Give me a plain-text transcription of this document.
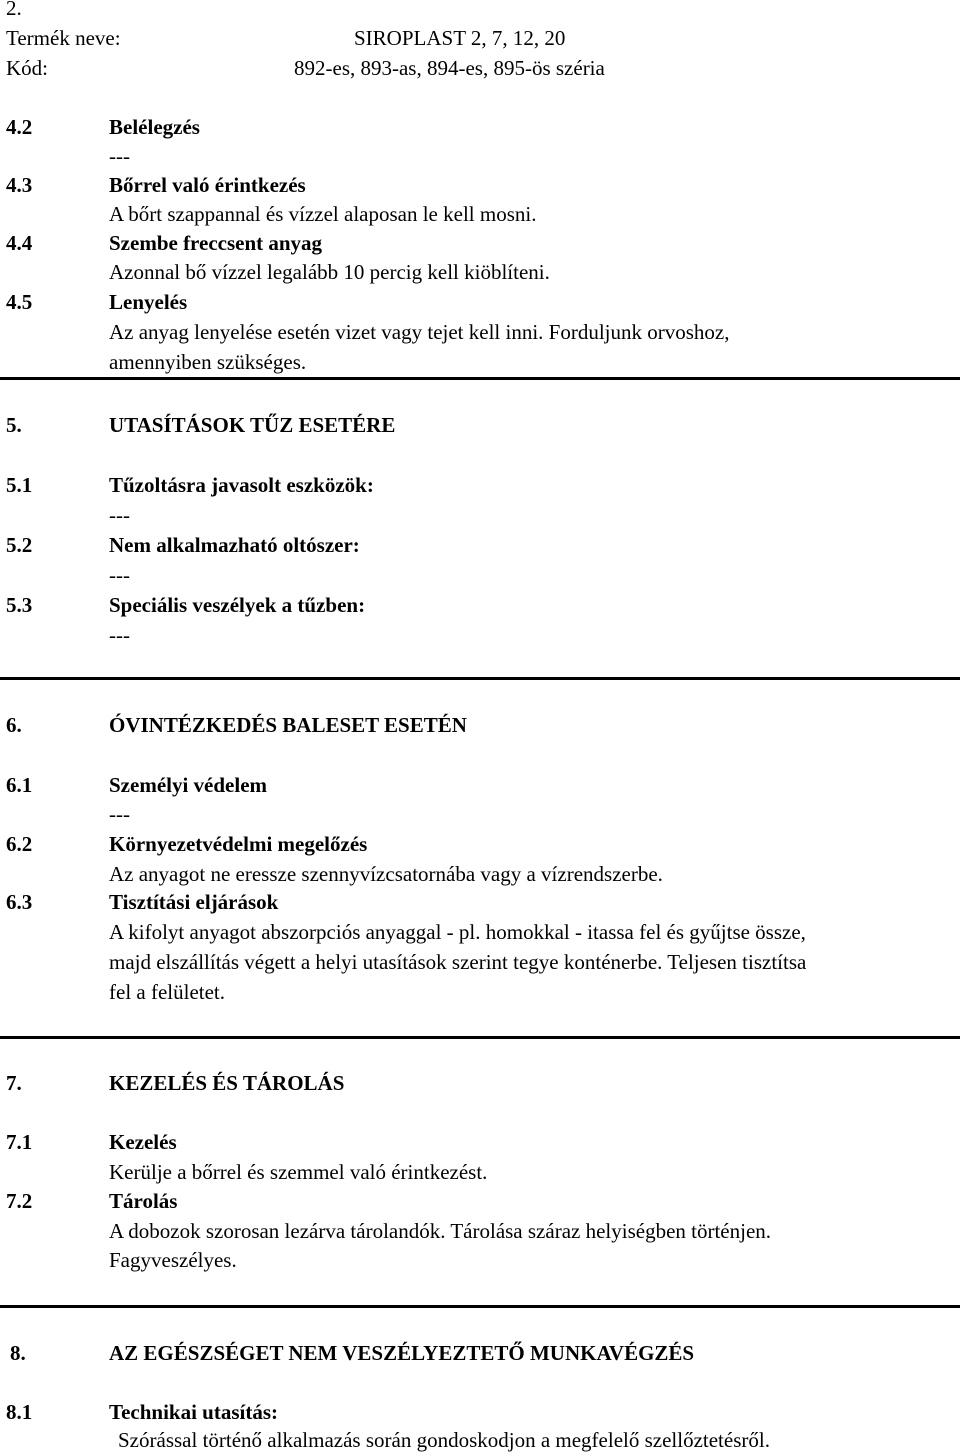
2.
Termék neve:	SIROPLAST 2, 7, 12, 20
Kód:	892-es, 893-as, 894-es, 895-ös széria
4.2	Belélegzés
---
4.3	Bőrrel való érintkezés
A bőrt szappannal és vízzel alaposan le kell mosni.
4.4	Szembe freccsent anyag
Azonnal bő vízzel legalább 10 percig kell kiöblíteni.
4.5	Lenyelés
Az anyag lenyelése esetén vizet vagy tejet kell inni. Forduljunk orvoshoz,
amennyiben szükséges.
5.	UTASÍTÁSOK TŰZ ESETÉRE
5.1	Tűzoltásra javasolt eszközök:
---
5.2	Nem alkalmazható oltószer:
---
5.3	Speciális veszélyek a tűzben:
---
6.	ÓVINTÉZKEDÉS BALESET ESETÉN
6.1	Személyi védelem
---
6.2	Környezetvédelmi megelőzés
Az anyagot ne eressze szennyvízcsatornába vagy a vízrendszerbe.
6.3	Tisztítási eljárások
A kifolyt anyagot abszorpciós anyaggal - pl. homokkal - itassa fel és gyűjtse össze,
majd elszállítás végett a helyi utasítások szerint tegye konténerbe. Teljesen tisztítsa
fel a felületet.
7.	KEZELÉS ÉS TÁROLÁS
7.1	Kezelés
Kerülje a bőrrel és szemmel való érintkezést.
7.2	Tárolás
A dobozok szorosan lezárva tárolandók. Tárolása száraz helyiségben történjen.
Fagyveszélyes.
8.	AZ EGÉSZSÉGET NEM VESZÉLYEZTETŐ MUNKAVÉGZÉS
8.1	Technikai utasítás:
Szórással történő alkalmazás során gondoskodjon a megfelelő szellőztetésről.
